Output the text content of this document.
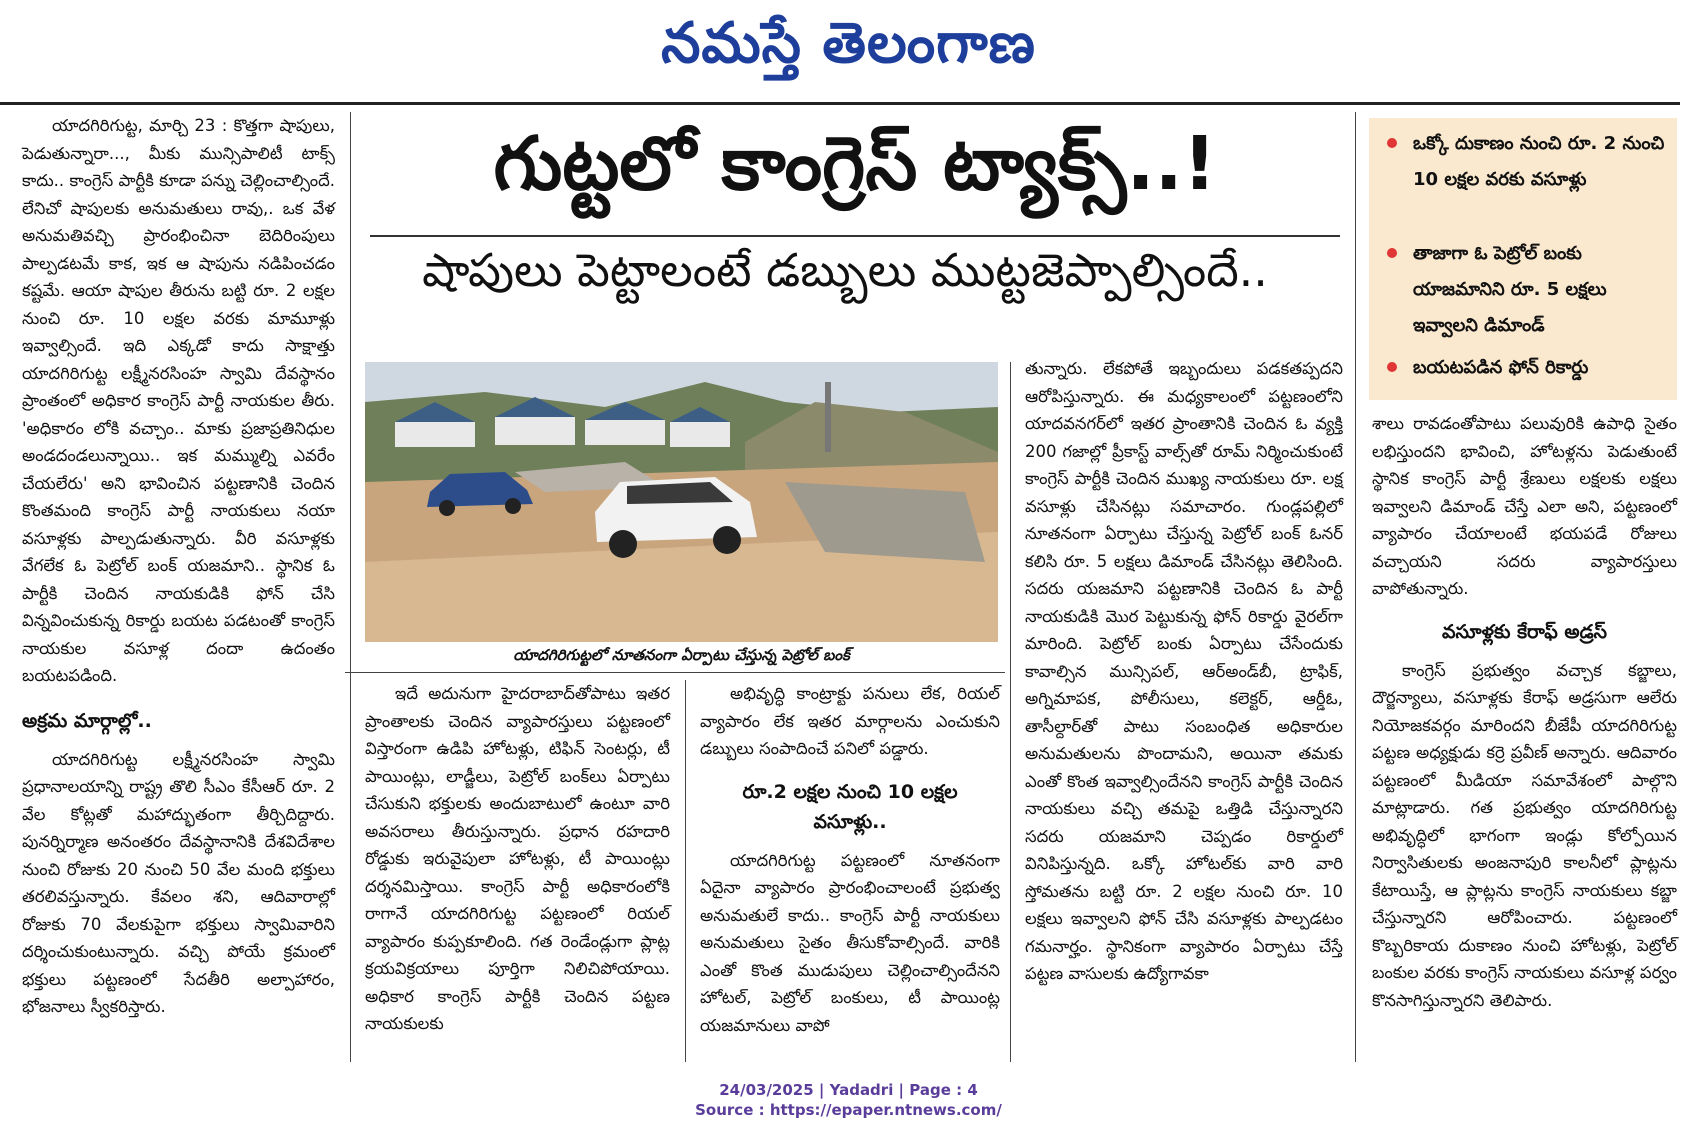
నమస్తే తెలంగాణ

యాదగిరిగుట్ట, మార్చి 23 : కొత్తగా షాపులు, పెడుతున్నారా..., మీకు మున్సిపాలిటీ టాక్స్ కాదు.. కాంగ్రెస్ పార్టీకి కూడా పన్ను చెల్లించాల్సిందే. లేనిచో షాపులకు అనుమతులు రావు,. ఒక వేళ అనుమతివచ్చి ప్రారంభించినా బెదిరింపులు పాల్పడటమే కాక, ఇక ఆ షాపును నడిపించడం కష్టమే. ఆయా షాపుల తీరును బట్టి రూ. 2 లక్షల నుంచి రూ. 10 లక్షల వరకు మామూళ్లు ఇవ్వాల్సిందే. ఇది ఎక్కడో కాదు సాక్షాత్తు యాదగిరిగుట్ట లక్ష్మీనరసింహ స్వామి దేవస్థానం ప్రాంతంలో అధికార కాంగ్రెస్ పార్టీ నాయకుల తీరు. 'అధికారం లోకి వచ్చాం.. మాకు ప్రజాప్రతినిధుల అండదండలున్నాయి.. ఇక మమ్ముల్ని ఎవరేం చేయలేరు' అని భావించిన పట్టణానికి చెందిన కొంతమంది కాంగ్రెస్ పార్టీ నాయకులు నయా వసూళ్లకు పాల్పడుతున్నారు. వీరి వసూళ్లకు వేగలేక ఓ పెట్రోల్ బంక్ యజమాని.. స్థానిక ఓ పార్టీకి చెందిన నాయకుడికి ఫోన్ చేసి విన్నవించుకున్న రికార్డు బయట పడటంతో కాంగ్రెస్ నాయకుల వసూళ్ల దందా ఉదంతం బయటపడింది.

అక్రమ మార్గాల్లో..

యాదగిరిగుట్ట లక్ష్మీనరసింహ స్వామి ప్రధానాలయాన్ని రాష్ట్ర తొలి సీఎం కేసీఆర్ రూ. 2 వేల కోట్లతో మహాద్భుతంగా తీర్చిదిద్దారు. పునర్నిర్మాణ అనంతరం దేవస్థానానికి దేశవిదేశాల నుంచి రోజుకు 20 నుంచి 50 వేల మంది భక్తులు తరలివస్తున్నారు. కేవలం శని, ఆదివారాల్లో రోజుకు 70 వేలకుపైగా భక్తులు స్వామివారిని దర్శించుకుంటున్నారు. వచ్చి పోయే క్రమంలో భక్తులు పట్టణంలో సేదతీరి అల్పాహారం, భోజనాలు స్వీకరిస్తారు.

గుట్టలో కాంగ్రెస్ ట్యాక్స్..!
షాపులు పెట్టాలంటే డబ్బులు ముట్టజెప్పాల్సిందే..
యాదగిరిగుట్టలో నూతనంగా ఏర్పాటు చేస్తున్న పెట్రోల్ బంక్

ఇదే అదునుగా హైదరాబాద్‌తోపాటు ఇతర ప్రాంతాలకు చెందిన వ్యాపారస్తులు పట్టణంలో విస్తారంగా ఉడిపి హోటళ్లు, టిఫిన్ సెంటర్లు, టీ పాయింట్లు, లాడ్జీలు, పెట్రోల్ బంక్‌లు ఏర్పాటు చేసుకుని భక్తులకు అందుబాటులో ఉంటూ వారి అవసరాలు తీరుస్తున్నారు. ప్రధాన రహదారి రోడ్డుకు ఇరువైపులా హోటళ్లు, టీ పాయింట్లు దర్శనమిస్తాయి. కాంగ్రెస్ పార్టీ అధికారంలోకి రాగానే యాదగిరిగుట్ట పట్టణంలో రియల్ వ్యాపారం కుప్పకూలింది. గత రెండేండ్లుగా ప్లాట్ల క్రయవిక్రయాలు పూర్తిగా నిలిచిపోయాయి. అధికార కాంగ్రెస్ పార్టీకి చెందిన పట్టణ నాయకులకు

అభివృద్ధి కాంట్రాక్టు పనులు లేక, రియల్ వ్యాపారం లేక ఇతర మార్గాలను ఎంచుకుని డబ్బులు సంపాదించే పనిలో పడ్డారు.

రూ.2 లక్షల నుంచి 10 లక్షల వసూళ్లు..

యాదగిరిగుట్ట పట్టణంలో నూతనంగా ఏదైనా వ్యాపారం ప్రారంభించాలంటే ప్రభుత్వ అనుమతులే కాదు.. కాంగ్రెస్ పార్టీ నాయకులు అనుమతులు సైతం తీసుకోవాల్సిందే. వారికి ఎంతో కొంత ముడుపులు చెల్లించాల్సిందేనని హోటల్, పెట్రోల్ బంకులు, టీ పాయింట్ల యజమానులు వాపో

తున్నారు. లేకపోతే ఇబ్బందులు పడకతప్పదని ఆరోపిస్తున్నారు. ఈ మధ్యకాలంలో పట్టణంలోని యాదవనగర్‌లో ఇతర ప్రాంతానికి చెందిన ఓ వ్యక్తి 200 గజాల్లో ప్రీకాస్ట్ వాల్స్‌తో రూమ్ నిర్మించుకుంటే కాంగ్రెస్ పార్టీకి చెందిన ముఖ్య నాయకులు రూ. లక్ష వసూళ్లు చేసినట్లు సమాచారం. గుండ్లపల్లిలో నూతనంగా ఏర్పాటు చేస్తున్న పెట్రోల్ బంక్ ఓనర్ కలిసి రూ. 5 లక్షలు డిమాండ్ చేసినట్లు తెలిసింది. సదరు యజమాని పట్టణానికి చెందిన ఓ పార్టీ నాయకుడికి మొర పెట్టుకున్న ఫోన్ రికార్డు వైరల్‌గా మారింది. పెట్రోల్ బంకు ఏర్పాటు చేసేందుకు కావాల్సిన మున్సిపల్, ఆర్‌అండ్‌బీ, ట్రాఫిక్, అగ్నిమాపక, పోలీసులు, కలెక్టర్, ఆర్డీఓ, తాసీల్దార్‌తో పాటు సంబంధిత అధికారుల అనుమతులను పొందామని, అయినా తమకు ఎంతో కొంత ఇవ్వాల్సిందేనని కాంగ్రెస్ పార్టీకి చెందిన నాయకులు వచ్చి తమపై ఒత్తిడి చేస్తున్నారని సదరు యజమాని చెప్పడం రికార్డులో వినిపిస్తున్నది. ఒక్కో హోటల్‌కు వారి వారి స్తోమతను బట్టి రూ. 2 లక్షల నుంచి రూ. 10 లక్షలు ఇవ్వాలని ఫోన్ చేసి వసూళ్లకు పాల్పడటం గమనార్హం. స్థానికంగా వ్యాపారం ఏర్పాటు చేస్తే పట్టణ వాసులకు ఉద్యోగావకా

ఒక్కో దుకాణం నుంచి రూ. 2 నుంచి 10 లక్షల వరకు వసూళ్లు
తాజాగా ఓ పెట్రోల్ బంకు యాజమానిని రూ. 5 లక్షలు ఇవ్వాలని డిమాండ్
బయటపడిన ఫోన్ రికార్డు

శాలు రావడంతోపాటు పలువురికి ఉపాధి సైతం లభిస్తుందని భావించి, హోటళ్లను పెడుతుంటే స్థానిక కాంగ్రెస్ పార్టీ శ్రేణులు లక్షలకు లక్షలు ఇవ్వాలని డిమాండ్ చేస్తే ఎలా అని, పట్టణంలో వ్యాపారం చేయాలంటే భయపడే రోజులు వచ్చాయని సదరు వ్యాపారస్తులు వాపోతున్నారు.

వసూళ్లకు కేరాఫ్ అడ్రస్

కాంగ్రెస్ ప్రభుత్వం వచ్చాక కబ్జాలు, దౌర్జన్యాలు, వసూళ్లకు కేరాఫ్ అడ్రసుగా ఆలేరు నియోజకవర్గం మారిందని బీజేపీ యాదగిరిగుట్ట పట్టణ అధ్యక్షుడు కర్రె ప్రవీణ్ అన్నారు. ఆదివారం పట్టణంలో మీడియా సమావేశంలో పాల్గొని మాట్లాడారు. గత ప్రభుత్వం యాదగిరిగుట్ట అభివృద్ధిలో భాగంగా ఇండ్లు కోల్పోయిన నిర్వాసితులకు అంజనాపురి కాలనీలో ప్లాట్లను కేటాయిస్తే, ఆ ప్లాట్లను కాంగ్రెస్ నాయకులు కబ్జా చేస్తున్నారని ఆరోపించారు. పట్టణంలో కొబ్బరికాయ దుకాణం నుంచి హోటళ్లు, పెట్రోల్ బంకుల వరకు కాంగ్రెస్ నాయకులు వసూళ్ల పర్వం కొనసాగిస్తున్నారని తెలిపారు.

24/03/2025 | Yadadri | Page : 4
Source : https://epaper.ntnews.com/
